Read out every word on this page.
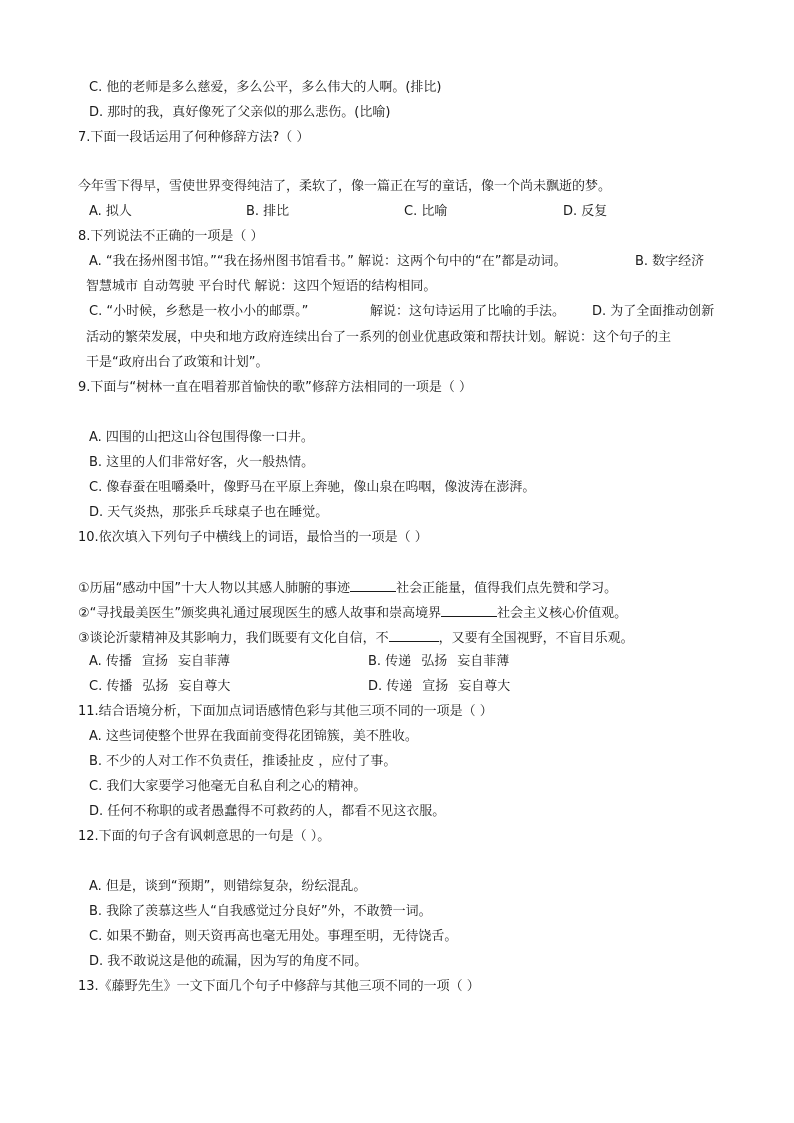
C. 他的老师是多么慈爱，多么公平，多么伟大的人啊。(排比)
D. 那时的我，真好像死了父亲似的那么悲伤。(比喻)
7.下面一段话运用了何种修辞方法?（ ）
今年雪下得早，雪使世界变得纯洁了，柔软了，像一篇正在写的童话，像一个尚未飘逝的梦。
A. 拟人	B. 排比	C. 比喻	D. 反复
8.下列说法不正确的一项是（ ）
A. “我在扬州图书馆。”“我在扬州图书馆看书。” 解说：这两个句中的“在”都是动词。	B. 数字经济
智慧城市 自动驾驶 平台时代 解说：这四个短语的结构相同。
C. “小时候，乡愁是一枚小小的邮票。”	解说：这句诗运用了比喻的手法。 D. 为了全面推动创新
活动的繁荣发展，中央和地方政府连续出台了一系列的创业优惠政策和帮扶计划。解说：这个句子的主
干是“政府出台了政策和计划”。
9.下面与“树林一直在唱着那首愉快的歌”修辞方法相同的一项是（ ）
A. 四围的山把这山谷包围得像一口井。
B. 这里的人们非常好客，火一般热情。
C. 像春蚕在咀嚼桑叶，像野马在平原上奔驰，像山泉在呜咽，像波涛在澎湃。
D. 天气炎热，那张乒乓球桌子也在睡觉。
10.依次填入下列句子中横线上的词语，最恰当的一项是（ ）
①历届“感动中国”十大人物以其感人肺腑的事迹	社会正能量，值得我们点先赞和学习。
②“寻找最美医生”颁奖典礼通过展现医生的感人故事和崇高境界	社会主义核心价值观。
③谈论沂蒙精神及其影响力，我们既要有文化自信，不	，又要有全国视野，不盲目乐观。
A. 传播 宣扬 妄自菲薄	B. 传递 弘扬 妄自菲薄
C. 传播 弘扬 妄自尊大	D. 传递 宣扬 妄自尊大
11.结合语境分析，下面加点词语感情色彩与其他三项不同的一项是（ ）
A. 这些词使整个世界在我面前变得花团锦簇，美不胜收。
B. 不少的人对工作不负责任，推诿扯皮 ，应付了事。
C. 我们大家要学习他毫无自私自利之心的精神。
D. 任何不称职的或者愚蠢得不可救药的人，都看不见这衣服。
12.下面的句子含有讽刺意思的一句是（ ）。
A. 但是，谈到“预期”，则错综复杂，纷纭混乱。
B. 我除了羡慕这些人“自我感觉过分良好”外，不敢赞一词。
C. 如果不勤奋，则天资再高也毫无用处。事理至明，无待饶舌。
D. 我不敢说这是他的疏漏，因为写的角度不同。
13.《藤野先生》一文下面几个句子中修辞与其他三项不同的一项（ ）
